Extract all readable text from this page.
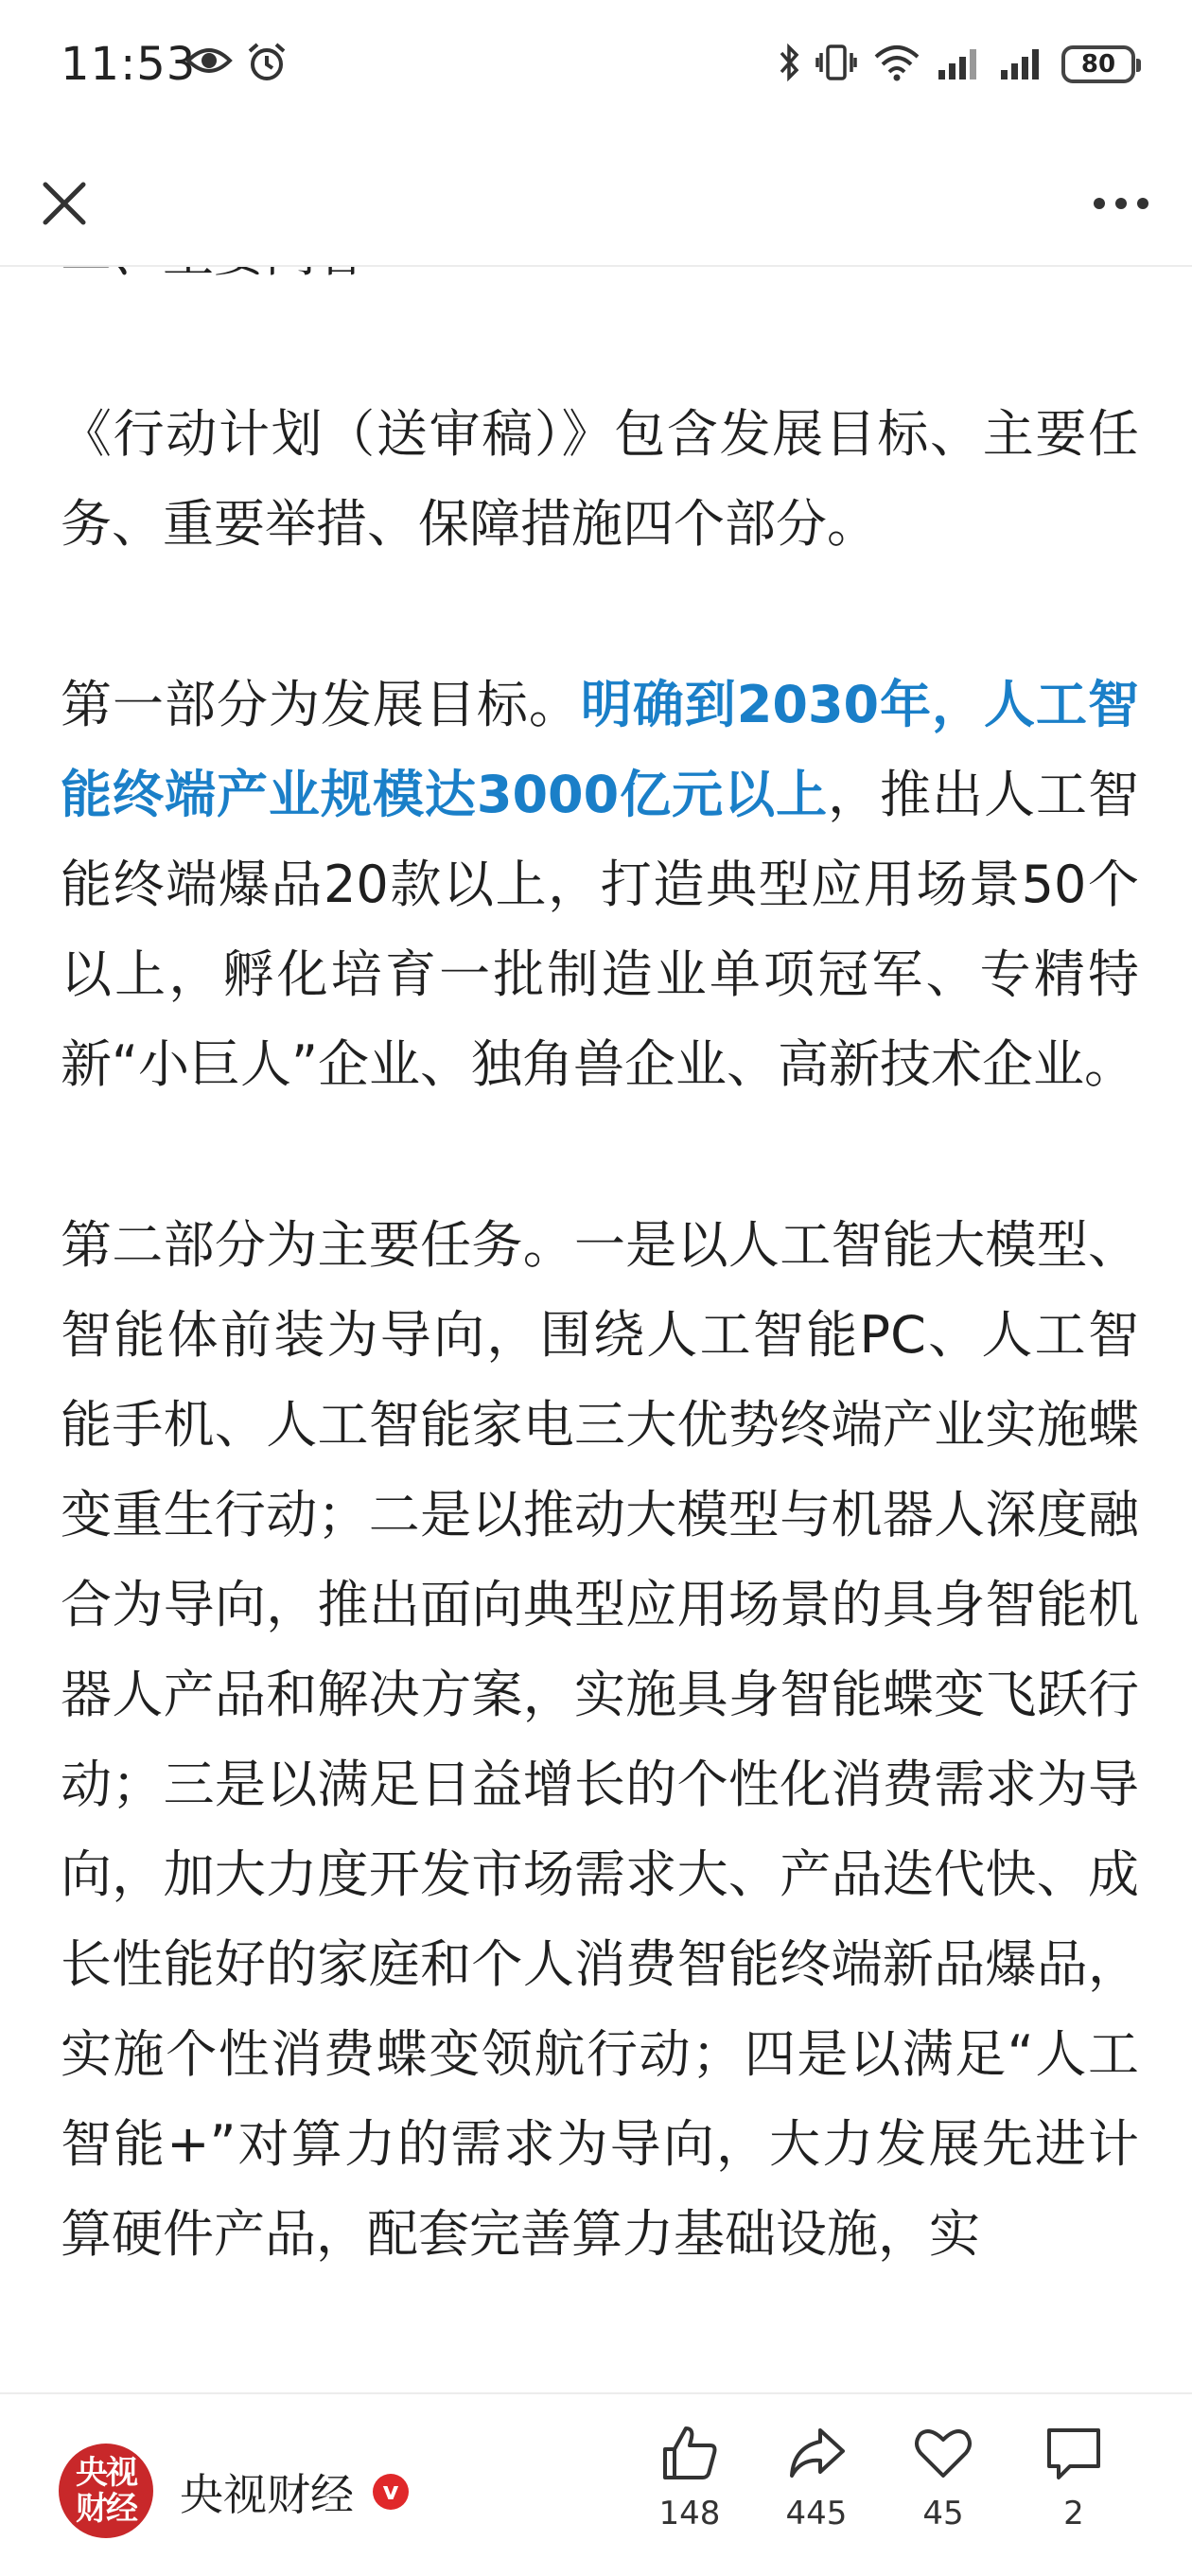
11:53	80

《行动计划（送审稿）》包含发展目标、主要任务、重要举措、保障措施四个部分。

第一部分为发展目标。明确到2030年，人工智能终端产业规模达3000亿元以上，推出人工智能终端爆品20款以上，打造典型应用场景50个以上，孵化培育一批制造业单项冠军、专精特新“小巨人”企业、独角兽企业、高新技术企业。

第二部分为主要任务。一是以人工智能大模型、智能体前装为导向，围绕人工智能PC、人工智能手机、人工智能家电三大优势终端产业实施蝶变重生行动；二是以推动大模型与机器人深度融合为导向，推出面向典型应用场景的具身智能机器人产品和解决方案，实施具身智能蝶变飞跃行动；三是以满足日益增长的个性化消费需求为导向，加大力度开发市场需求大、产品迭代快、成长性能好的家庭和个人消费智能终端新品爆品，实施个性消费蝶变领航行动；四是以满足“人工智能+”对算力的需求为导向，大力发展先进计算硬件产品，配套完善算力基础设施，实

央视
财经 央视财经	v
148 445 45	2
